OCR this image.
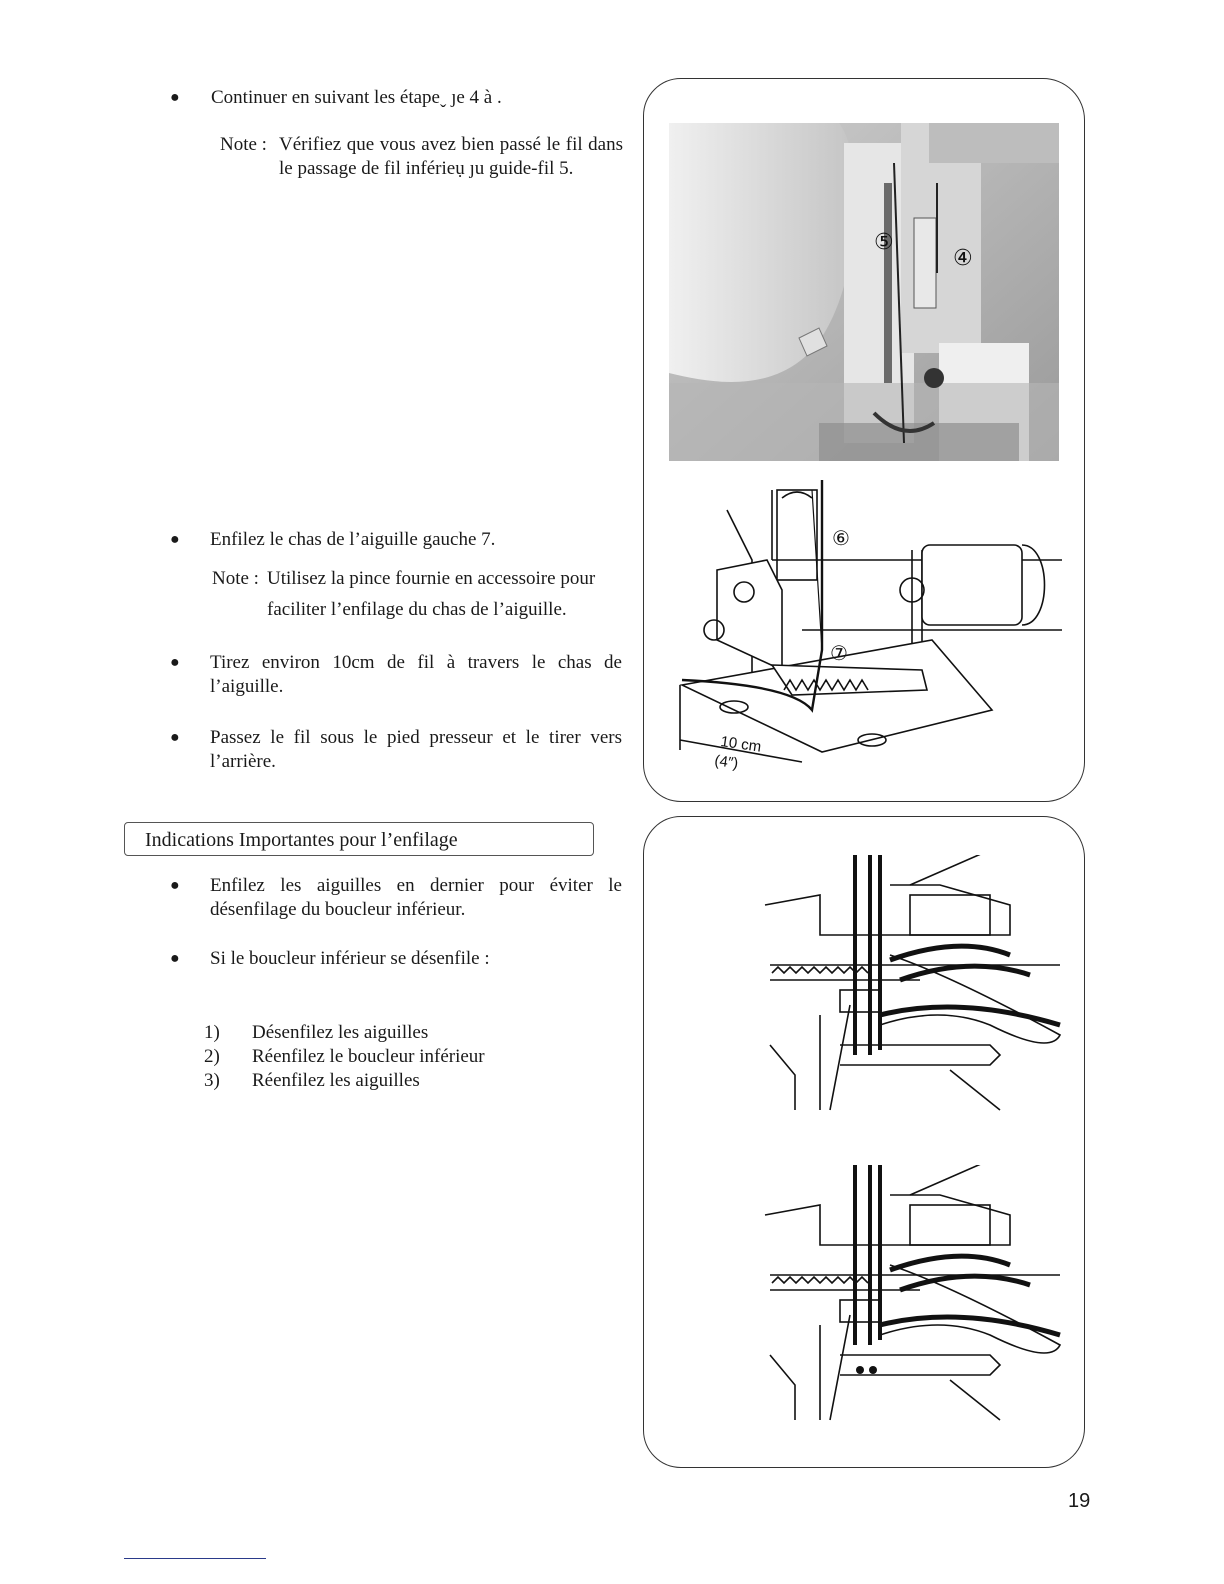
● Continuer en suivant les étapeˬ ȷe 4 à .
Note : Vérifiez que vous avez bien passé le fil dans le passage de fil inférieụ ȷu guide-fil 5.
● Enfilez le chas de l’aiguille gauche 7.
Note : Utilisez la pince fournie en accessoire pour
faciliter l’enfilage du chas de l’aiguille.
● Tirez environ 10cm de fil à travers le chas de l’aiguille.
● Passez le fil sous le pied presseur et le tirer vers l’arrière.
Indications Importantes pour l’enfilage
● Enfilez les aiguilles en dernier pour éviter le désenfilage du boucleur inférieur.
● Si le boucleur inférieur se désenfile :
1) Désenfilez les aiguilles
2) Réenfilez le boucleur inférieur
3) Réenfilez les aiguilles
⑤
④
⑥
⑦
10 cm
(4″)
19
